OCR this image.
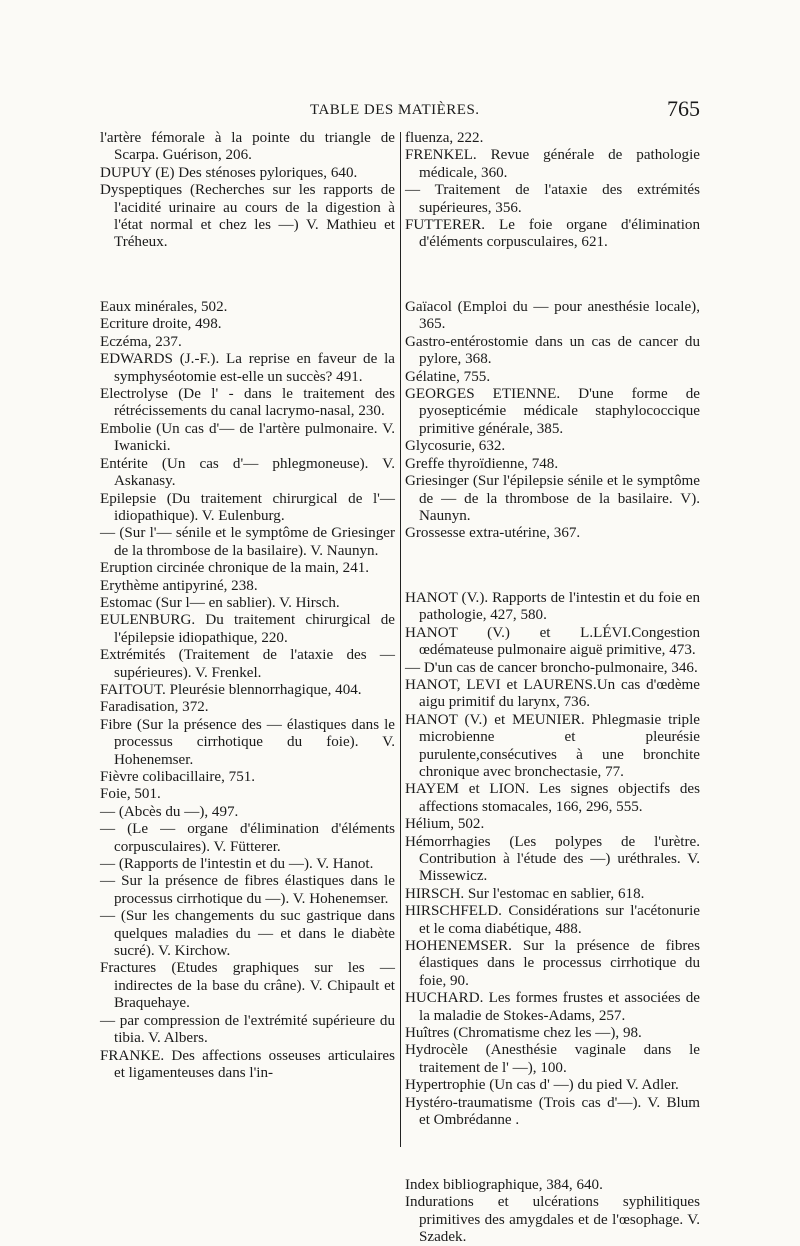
TABLE DES MATIÈRES.	765

l'artère fémorale à la pointe du triangle de Scarpa. Guérison, 206.

DUPUY (E) Des sténoses pyloriques, 640.

Dyspeptiques (Recherches sur les rapports de l'acidité urinaire au cours de la digestion à l'état normal et chez les —) V. Mathieu et Tréheux.

Eaux minérales, 502.

Ecriture droite, 498.

Eczéma, 237.

EDWARDS (J.-F.). La reprise en faveur de la symphyséotomie est-elle un succès? 491.

Electrolyse (De l' - dans le traitement des rétrécissements du canal lacrymo-nasal, 230.

Embolie (Un cas d'— de l'artère pulmonaire. V. Iwanicki.

Entérite (Un cas d'— phlegmoneuse). V. Askanasy.

Epilepsie (Du traitement chirurgical de l'— idiopathique). V. Eulenburg.

— (Sur l'— sénile et le symptôme de Griesinger de la thrombose de la basilaire). V. Naunyn.

Eruption circinée chronique de la main, 241.

Erythème antipyriné, 238.

Estomac (Sur l— en sablier). V. Hirsch.

EULENBURG. Du traitement chirurgical de l'épilepsie idiopathique, 220.

Extrémités (Traitement de l'ataxie des — supérieures). V. Frenkel.

FAITOUT. Pleurésie blennorrhagique, 404.

Faradisation, 372.

Fibre (Sur la présence des — élastiques dans le processus cirrhotique du foie). V. Hohenemser.

Fièvre colibacillaire, 751.

Foie, 501.

— (Abcès du —), 497.

— (Le — organe d'élimination d'éléments corpusculaires). V. Fütterer.

— (Rapports de l'intestin et du —). V. Hanot.

— Sur la présence de fibres élastiques dans le processus cirrhotique du —). V. Hohenemser.

— (Sur les changements du suc gastrique dans quelques maladies du — et dans le diabète sucré). V. Kirchow.

Fractures (Etudes graphiques sur les — indirectes de la base du crâne). V. Chipault et Braquehaye.

— par compression de l'extrémité supérieure du tibia. V. Albers.

FRANKE. Des affections osseuses articulaires et ligamenteuses dans l'in-

fluenza, 222.

FRENKEL. Revue générale de pathologie médicale, 360.

— Traitement de l'ataxie des extrémités supérieures, 356.

FUTTERER. Le foie organe d'élimination d'éléments corpusculaires, 621.

Gaïacol (Emploi du — pour anesthésie locale), 365.

Gastro-entérostomie dans un cas de cancer du pylore, 368.

Gélatine, 755.

GEORGES ETIENNE. D'une forme de pyosepticémie médicale staphylococcique primitive générale, 385.

Glycosurie, 632.

Greffe thyroïdienne, 748.

Griesinger (Sur l'épilepsie sénile et le symptôme de — de la thrombose de la basilaire. V). Naunyn.

Grossesse extra-utérine, 367.

HANOT (V.). Rapports de l'intestin et du foie en pathologie, 427, 580.

HANOT (V.) et L.LÉVI.Congestion œdémateuse pulmonaire aiguë primitive, 473.

— D'un cas de cancer broncho-pulmonaire, 346.

HANOT, LEVI et LAURENS.Un cas d'œdème aigu primitif du larynx, 736.

HANOT (V.) et MEUNIER. Phlegmasie triple microbienne et pleurésie purulente,consécutives à une bronchite chronique avec bronchectasie, 77.

HAYEM et LION. Les signes objectifs des affections stomacales, 166, 296, 555.

Hélium, 502.

Hémorrhagies (Les polypes de l'urètre. Contribution à l'étude des —) uréthrales. V. Missewicz.

HIRSCH. Sur l'estomac en sablier, 618.

HIRSCHFELD. Considérations sur l'acétonurie et le coma diabétique, 488.

HOHENEMSER. Sur la présence de fibres élastiques dans le processus cirrhotique du foie, 90.

HUCHARD. Les formes frustes et associées de la maladie de Stokes-Adams, 257.

Huîtres (Chromatisme chez les —), 98.

Hydrocèle (Anesthésie vaginale dans le traitement de l' —), 100.

Hypertrophie (Un cas d' —) du pied V. Adler.

Hystéro-traumatisme (Trois cas d'—). V. Blum et Ombrédanne .

Index bibliographique, 384, 640.

Indurations et ulcérations syphilitiques primitives des amygdales et de l'œsophage. V. Szadek.
